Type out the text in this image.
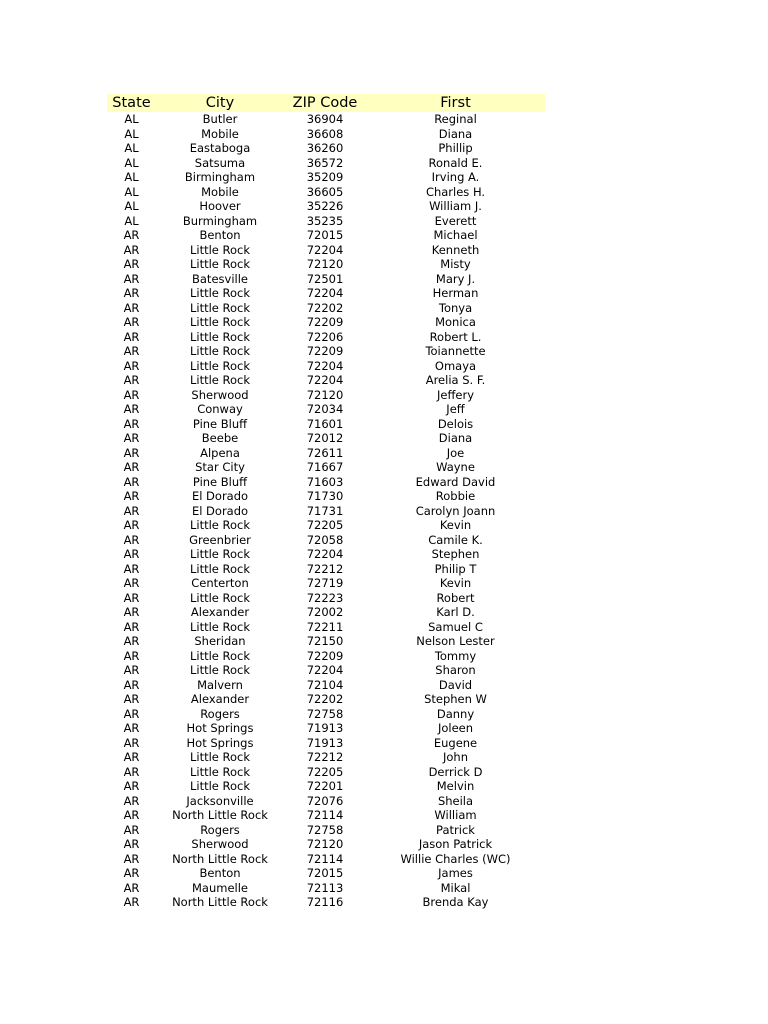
State	City	ZIP Code	First
AL	Butler	36904	Reginal
AL	Mobile	36608	Diana
AL	Eastaboga	36260	Phillip
AL	Satsuma	36572	Ronald E.
AL	Birmingham	35209	Irving A.
AL	Mobile	36605	Charles H.
AL	Hoover	35226	William J.
AL	Burmingham	35235	Everett
AR	Benton	72015	Michael
AR	Little Rock	72204	Kenneth
AR	Little Rock	72120	Misty
AR	Batesville	72501	Mary J.
AR	Little Rock	72204	Herman
AR	Little Rock	72202	Tonya
AR	Little Rock	72209	Monica
AR	Little Rock	72206	Robert L.
AR	Little Rock	72209	Toiannette
AR	Little Rock	72204	Omaya
AR	Little Rock	72204	Arelia S. F.
AR	Sherwood	72120	Jeffery
AR	Conway	72034	Jeff
AR	Pine Bluff	71601	Delois
AR	Beebe	72012	Diana
AR	Alpena	72611	Joe
AR	Star City	71667	Wayne
AR	Pine Bluff	71603	Edward David
AR	El Dorado	71730	Robbie
AR	El Dorado	71731	Carolyn Joann
AR	Little Rock	72205	Kevin
AR	Greenbrier	72058	Camile K.
AR	Little Rock	72204	Stephen
AR	Little Rock	72212	Philip T
AR	Centerton	72719	Kevin
AR	Little Rock	72223	Robert
AR	Alexander	72002	Karl D.
AR	Little Rock	72211	Samuel C
AR	Sheridan	72150	Nelson Lester
AR	Little Rock	72209	Tommy
AR	Little Rock	72204	Sharon
AR	Malvern	72104	David
AR	Alexander	72202	Stephen W
AR	Rogers	72758	Danny
AR	Hot Springs	71913	Joleen
AR	Hot Springs	71913	Eugene
AR	Little Rock	72212	John
AR	Little Rock	72205	Derrick D
AR	Little Rock	72201	Melvin
AR	Jacksonville	72076	Sheila
AR	North Little Rock	72114	William
AR	Rogers	72758	Patrick
AR	Sherwood	72120	Jason Patrick
AR	North Little Rock	72114	Willie Charles (WC)
AR	Benton	72015	James
AR	Maumelle	72113	Mikal
AR	North Little Rock	72116	Brenda Kay
